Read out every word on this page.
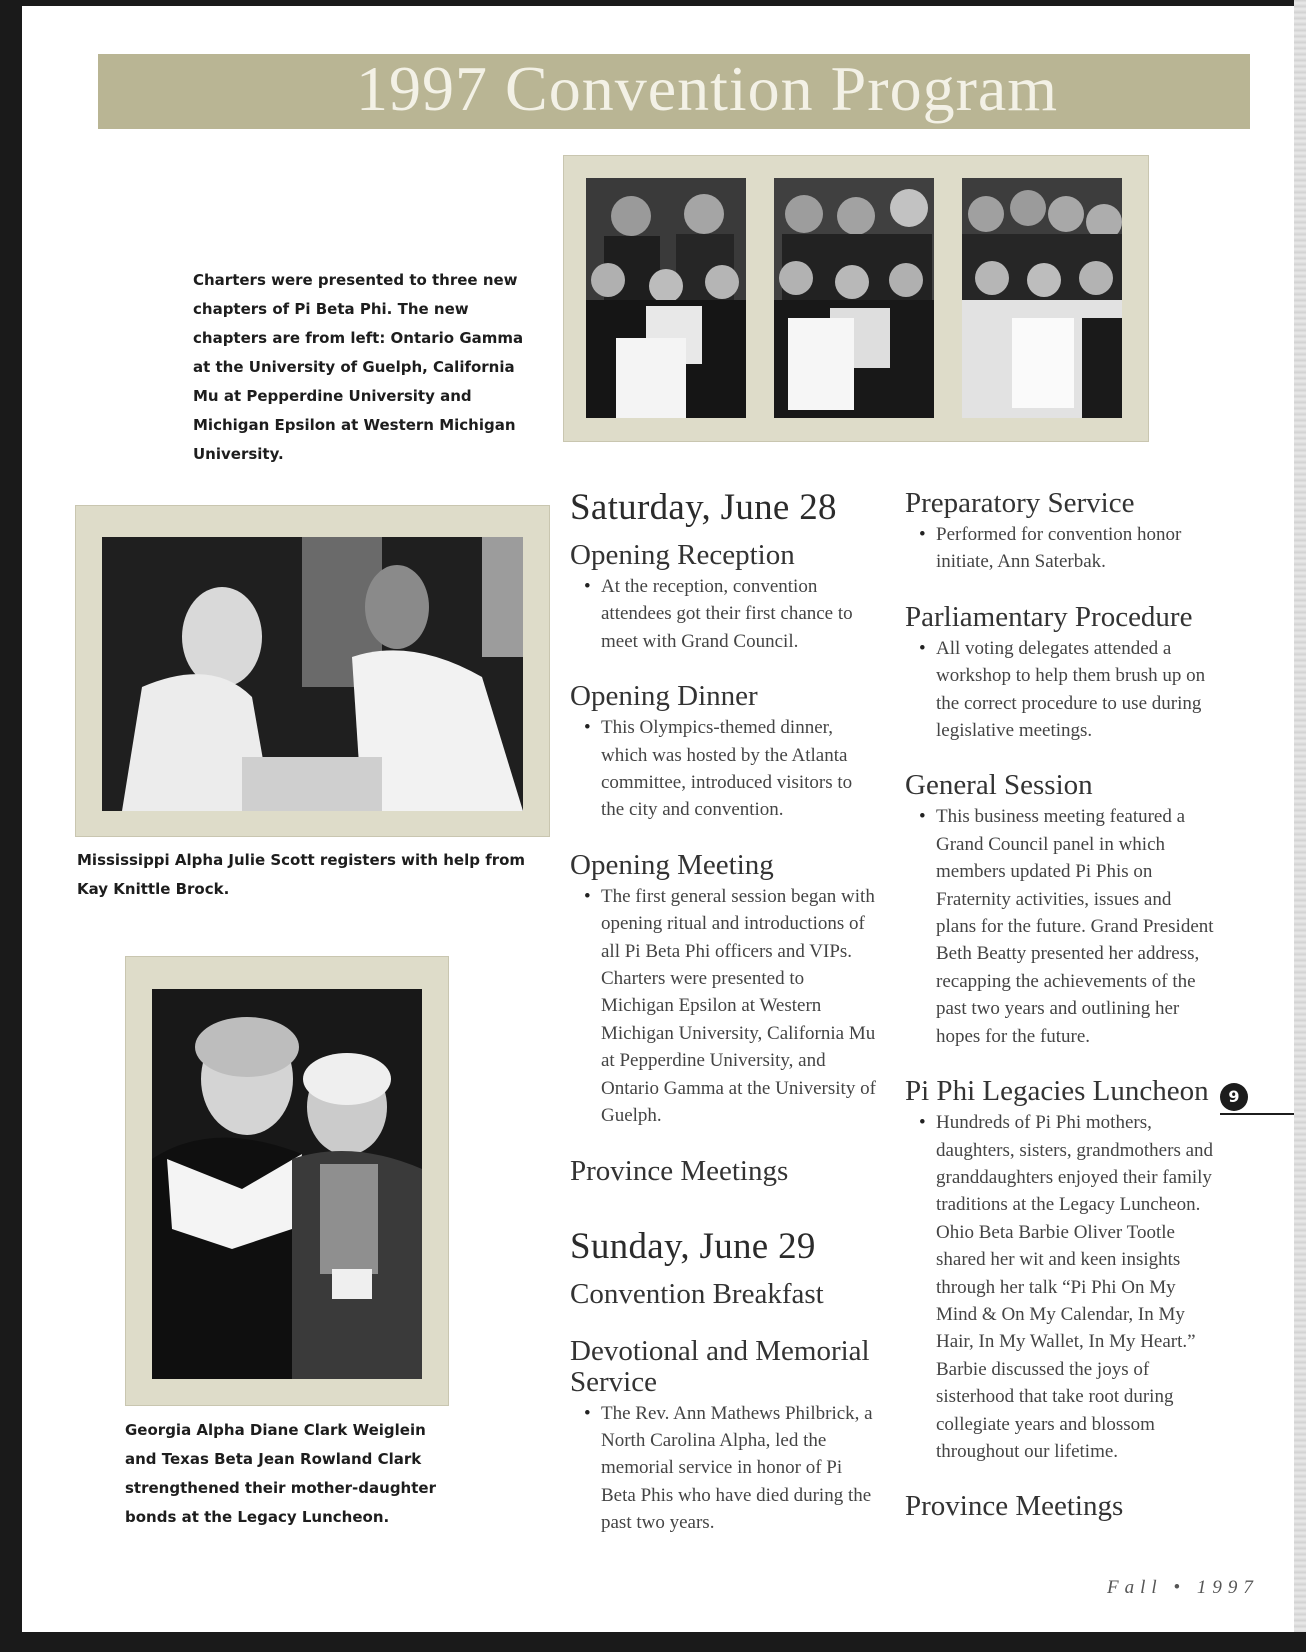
1997 Convention Program

Charters were presented to three new chapters of Pi Beta Phi. The new chapters are from left: Ontario Gamma at the University of Guelph, California Mu at Pepperdine University and Michigan Epsilon at Western Michigan University.

Mississippi Alpha Julie Scott registers with help from Kay Knittle Brock.

Georgia Alpha Diane Clark Weiglein and Texas Beta Jean Rowland Clark strengthened their mother-daughter bonds at the Legacy Luncheon.

Saturday, June 28
Opening Reception
• At the reception, convention attendees got their first chance to meet with Grand Council.
Opening Dinner
• This Olympics-themed dinner, which was hosted by the Atlanta committee, introduced visitors to the city and convention.
Opening Meeting
• The first general session began with opening ritual and introductions of all Pi Beta Phi officers and VIPs. Charters were presented to Michigan Epsilon at Western Michigan University, California Mu at Pepperdine University, and Ontario Gamma at the University of Guelph.
Province Meetings
Sunday, June 29
Convention Breakfast
Devotional and Memorial Service
• The Rev. Ann Mathews Philbrick, a North Carolina Alpha, led the memorial service in honor of Pi Beta Phis who have died during the past two years.
Preparatory Service
• Performed for convention honor initiate, Ann Saterbak.
Parliamentary Procedure
• All voting delegates attended a workshop to help them brush up on the correct procedure to use during legislative meetings.
General Session
• This business meeting featured a Grand Council panel in which members updated Pi Phis on Fraternity activities, issues and plans for the future. Grand President Beth Beatty presented her address, recapping the achievements of the past two years and outlining her hopes for the future.
Pi Phi Legacies Luncheon
• Hundreds of Pi Phi mothers, daughters, sisters, grandmothers and granddaughters enjoyed their family traditions at the Legacy Luncheon. Ohio Beta Barbie Oliver Tootle shared her wit and keen insights through her talk “Pi Phi On My Mind & On My Calendar, In My Hair, In My Wallet, In My Heart.” Barbie discussed the joys of sisterhood that take root during collegiate years and blossom throughout our lifetime.
Province Meetings
9
Fall • 1997
